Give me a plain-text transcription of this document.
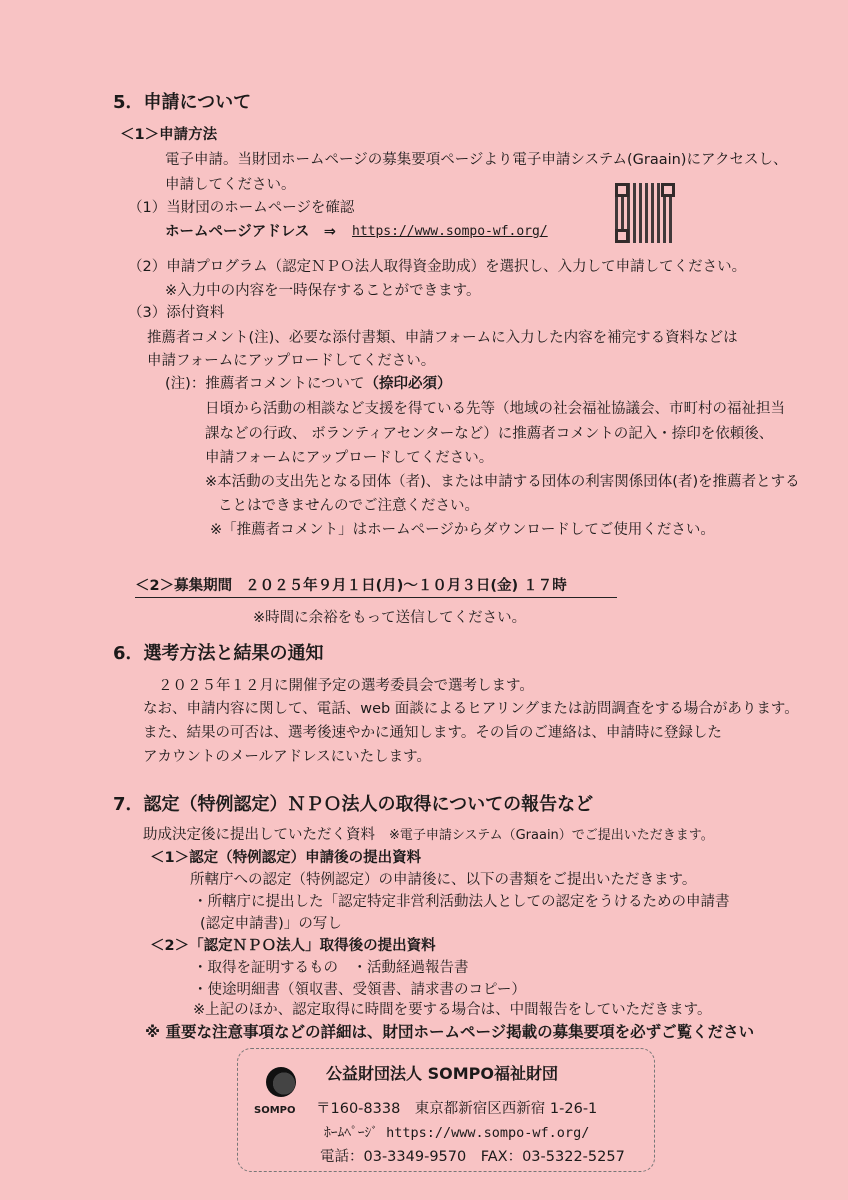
5．申請について
＜1＞申請方法
電子申請。当財団ホームページの募集要項ページより電子申請システム(Graain)にアクセスし、
申請してください。
（1）当財団のホームページを確認
ホームページアドレス　⇒ https://www.sompo-wf.org/
（2）申請プログラム（認定ＮＰＯ法人取得資金助成）を選択し、入力して申請してください。
※入力中の内容を一時保存することができます。
（3）添付資料
推薦者コメント(注)、必要な添付書類、申請フォームに入力した内容を補完する資料などは
申請フォームにアップロードしてください。
(注)：推薦者コメントについて（捺印必須）
日頃から活動の相談など支援を得ている先等（地域の社会福祉協議会、市町村の福祉担当
課などの行政、 ボランティアセンターなど）に推薦者コメントの記入・捺印を依頼後、
申請フォームにアップロードしてください。
※本活動の支出先となる団体（者)、または申請する団体の利害関係団体(者)を推薦者とする
ことはできませんのでご注意ください。
※「推薦者コメント」はホームページからダウンロードしてご使用ください。
＜2＞募集期間 ２０２５年９月１日(月)～１０月３日(金) １７時
※時間に余裕をもって送信してください。
6．選考方法と結果の通知
２０２５年１２月に開催予定の選考委員会で選考します。
なお、申請内容に関して、電話、web 面談によるヒアリングまたは訪問調査をする場合があります。
また、結果の可否は、選考後速やかに通知します。その旨のご連絡は、申請時に登録した
アカウントのメールアドレスにいたします。
7．認定（特例認定）ＮＰＯ法人の取得についての報告など
助成決定後に提出していただく資料 ※電子申請システム（Graain）でご提出いただきます。
＜1＞認定（特例認定）申請後の提出資料
所轄庁への認定（特例認定）の申請後に、以下の書類をご提出いただきます。
・所轄庁に提出した「認定特定非営利活動法人としての認定をうけるための申請書
(認定申請書)」の写し
＜2＞「認定ＮＰＯ法人」取得後の提出資料
・取得を証明するもの　・活動経過報告書
・使途明細書（領収書、受領書、請求書のコピー）
※上記のほか、認定取得に時間を要する場合は、中間報告をしていただきます。
※ 重要な注意事項などの詳細は、財団ホームページ掲載の募集要項を必ずご覧ください
SOMPO
公益財団法人 SOMPO福祉財団
〒160-8338　東京都新宿区西新宿 1-26-1
ﾎｰﾑﾍﾟｰｼﾞ https://www.sompo-wf.org/
電話：03-3349-9570　FAX：03-5322-5257
